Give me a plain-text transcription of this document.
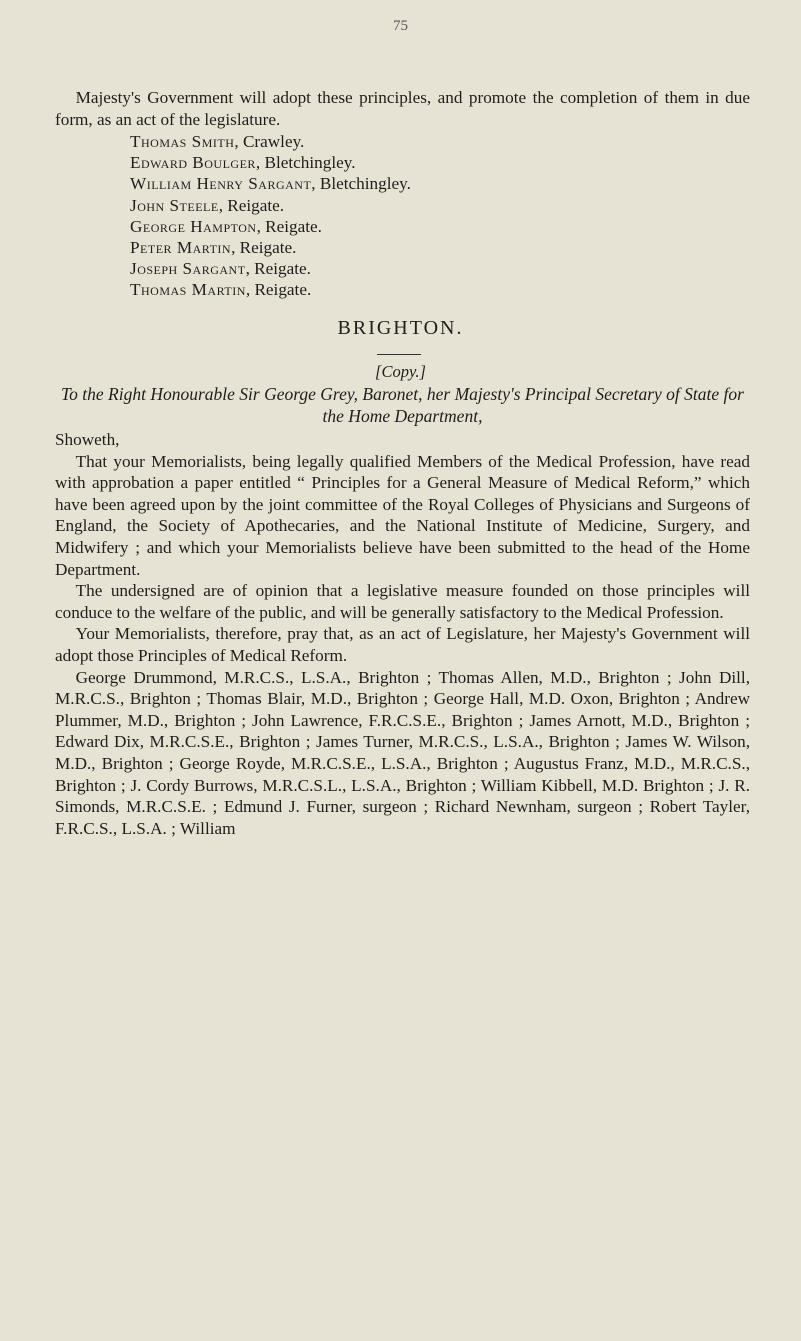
75

Majesty's Government will adopt these principles, and promote the completion of them in due form, as an act of the legislature.

Thomas Smith, Crawley.
Edward Boulger, Bletchingley.
William Henry Sargant, Bletchingley.
John Steele, Reigate.
George Hampton, Reigate.
Peter Martin, Reigate.
Joseph Sargant, Reigate.
Thomas Martin, Reigate.
BRIGHTON.
[Copy.]
To the Right Honourable Sir George Grey, Baronet, her Majesty's Principal Secretary of State for the Home Department,

Showeth,

That your Memorialists, being legally qualified Members of the Medical Profession, have read with approbation a paper entitled “ Principles for a General Measure of Medical Reform,” which have been agreed upon by the joint committee of the Royal Colleges of Physicians and Surgeons of England, the Society of Apothecaries, and the National Institute of Medicine, Surgery, and Midwifery ; and which your Memorialists believe have been submitted to the head of the Home Department.

The undersigned are of opinion that a legislative measure founded on those principles will conduce to the welfare of the public, and will be generally satisfactory to the Medical Profession.

Your Memorialists, therefore, pray that, as an act of Legislature, her Majesty's Government will adopt those Principles of Medical Reform.

George Drummond, M.R.C.S., L.S.A., Brighton ; Thomas Allen, M.D., Brighton ; John Dill, M.R.C.S., Brighton ; Thomas Blair, M.D., Brighton ; George Hall, M.D. Oxon, Brighton ; Andrew Plummer, M.D., Brighton ; John Lawrence, F.R.C.S.E., Brighton ; James Arnott, M.D., Brighton ; Edward Dix, M.R.C.S.E., Brighton ; James Turner, M.R.C.S., L.S.A., Brighton ; James W. Wilson, M.D., Brighton ; George Royde, M.R.C.S.E., L.S.A., Brighton ; Augustus Franz, M.D., M.R.C.S., Brighton ; J. Cordy Burrows, M.R.C.S.L., L.S.A., Brighton ; William Kibbell, M.D. Brighton ; J. R. Simonds, M.R.C.S.E. ; Edmund J. Furner, surgeon ; Richard Newnham, surgeon ; Robert Tayler, F.R.C.S., L.S.A. ; William
